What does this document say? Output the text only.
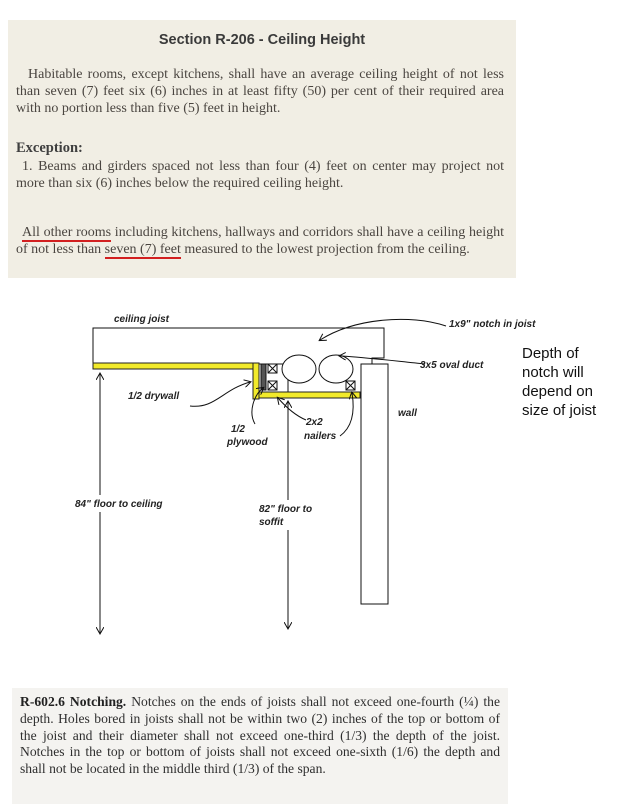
Section R-206 - Ceiling Height
Habitable rooms, except kitchens, shall have an average ceiling height of not less than seven (7) feet six (6) inches in at least fifty (50) per cent of their required area with no portion less than five (5) feet in height.
Exception:
1. Beams and girders spaced not less than four (4) feet on center may project not more than six (6) inches below the required ceiling height.
All other rooms including kitchens, hallways and corridors shall have a ceiling height of not less than seven (7) feet measured to the lowest projection from the ceiling.
ceiling joist	1x9" notch in joist
3x5 oval duct
1/2 drywall
1/2
plywood
2x2
nailers
wall
84" floor to ceiling	82" floor to
soffit
Depth of
notch will
depend on
size of joist
R-602.6 Notching. Notches on the ends of joists shall not exceed one-fourth (¼) the depth. Holes bored in joists shall not be within two (2) inches of the top or bottom of the joist and their diameter shall not exceed one-third (1/3) the depth of the joist. Notches in the top or bottom of joists shall not exceed one-sixth (1/6) the depth and shall not be located in the middle third (1/3) of the span.
